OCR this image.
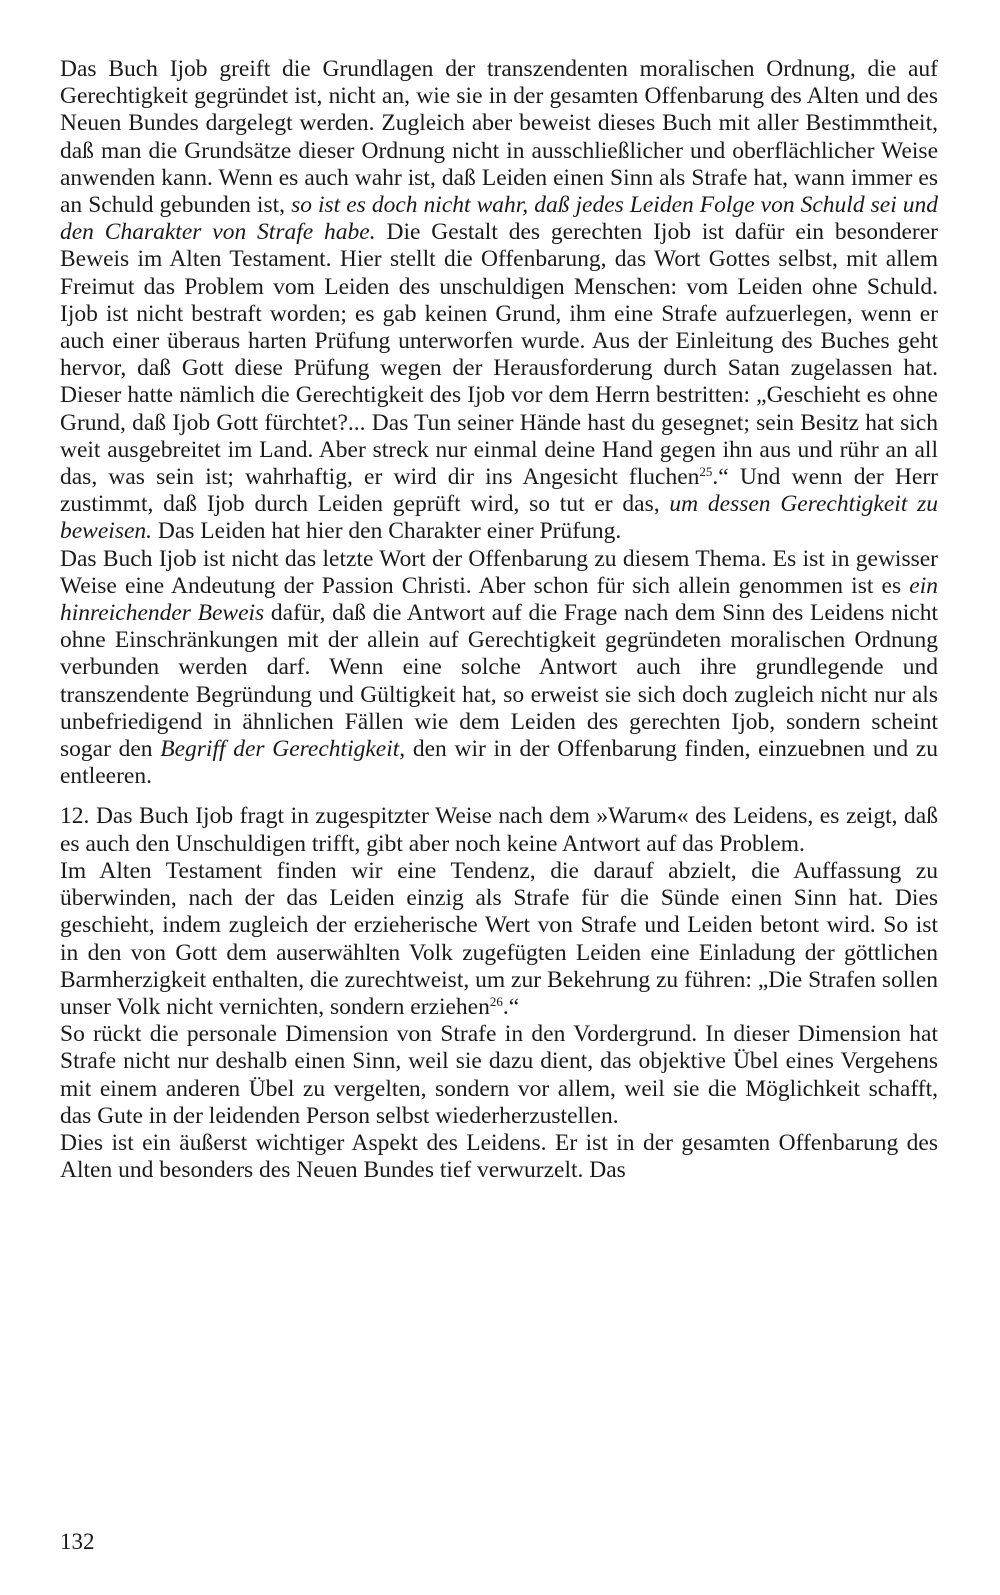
Das Buch Ijob greift die Grundlagen der transzendenten moralischen Ordnung, die auf Gerechtigkeit gegründet ist, nicht an, wie sie in der gesamten Offenbarung des Alten und des Neuen Bundes dargelegt werden. Zugleich aber beweist dieses Buch mit aller Bestimmtheit, daß man die Grundsätze dieser Ordnung nicht in ausschließlicher und oberflächlicher Weise anwenden kann. Wenn es auch wahr ist, daß Leiden einen Sinn als Strafe hat, wann immer es an Schuld gebunden ist, so ist es doch nicht wahr, daß jedes Leiden Folge von Schuld sei und den Charakter von Strafe habe. Die Gestalt des gerechten Ijob ist dafür ein besonderer Beweis im Alten Testament. Hier stellt die Offenbarung, das Wort Gottes selbst, mit allem Freimut das Problem vom Leiden des unschuldigen Menschen: vom Leiden ohne Schuld. Ijob ist nicht bestraft worden; es gab keinen Grund, ihm eine Strafe aufzuerlegen, wenn er auch einer überaus harten Prüfung unterworfen wurde. Aus der Einleitung des Buches geht hervor, daß Gott diese Prüfung wegen der Herausforderung durch Satan zugelassen hat. Dieser hatte nämlich die Gerechtigkeit des Ijob vor dem Herrn bestritten: „Geschieht es ohne Grund, daß Ijob Gott fürchtet?... Das Tun seiner Hände hast du gesegnet; sein Besitz hat sich weit ausgebreitet im Land. Aber streck nur einmal deine Hand gegen ihn aus und rühr an all das, was sein ist; wahrhaftig, er wird dir ins Angesicht fluchen$^{25}$.“ Und wenn der Herr zustimmt, daß Ijob durch Leiden geprüft wird, so tut er das, um dessen Gerechtigkeit zu beweisen. Das Leiden hat hier den Charakter einer Prüfung.

Das Buch Ijob ist nicht das letzte Wort der Offenbarung zu diesem Thema. Es ist in gewisser Weise eine Andeutung der Passion Christi. Aber schon für sich allein genommen ist es ein hinreichender Beweis dafür, daß die Antwort auf die Frage nach dem Sinn des Leidens nicht ohne Einschränkungen mit der allein auf Gerechtigkeit gegründeten moralischen Ordnung verbunden werden darf. Wenn eine solche Antwort auch ihre grundlegende und transzendente Begründung und Gültigkeit hat, so erweist sie sich doch zugleich nicht nur als unbefriedigend in ähnlichen Fällen wie dem Leiden des gerechten Ijob, sondern scheint sogar den Begriff der Gerechtigkeit, den wir in der Offenbarung finden, einzuebnen und zu entleeren.

12. Das Buch Ijob fragt in zugespitzter Weise nach dem »Warum« des Leidens, es zeigt, daß es auch den Unschuldigen trifft, gibt aber noch keine Antwort auf das Problem.

Im Alten Testament finden wir eine Tendenz, die darauf abzielt, die Auffassung zu überwinden, nach der das Leiden einzig als Strafe für die Sünde einen Sinn hat. Dies geschieht, indem zugleich der erzieherische Wert von Strafe und Leiden betont wird. So ist in den von Gott dem auserwählten Volk zugefügten Leiden eine Einladung der göttlichen Barmherzigkeit enthalten, die zurechtweist, um zur Bekehrung zu führen: „Die Strafen sollen unser Volk nicht vernichten, sondern erziehen$^{26}$.“

So rückt die personale Dimension von Strafe in den Vordergrund. In dieser Dimension hat Strafe nicht nur deshalb einen Sinn, weil sie dazu dient, das objektive Übel eines Vergehens mit einem anderen Übel zu vergelten, sondern vor allem, weil sie die Möglichkeit schafft, das Gute in der leidenden Person selbst wiederherzustellen.

Dies ist ein äußerst wichtiger Aspekt des Leidens. Er ist in der gesamten Offenbarung des Alten und besonders des Neuen Bundes tief verwurzelt. Das

132
